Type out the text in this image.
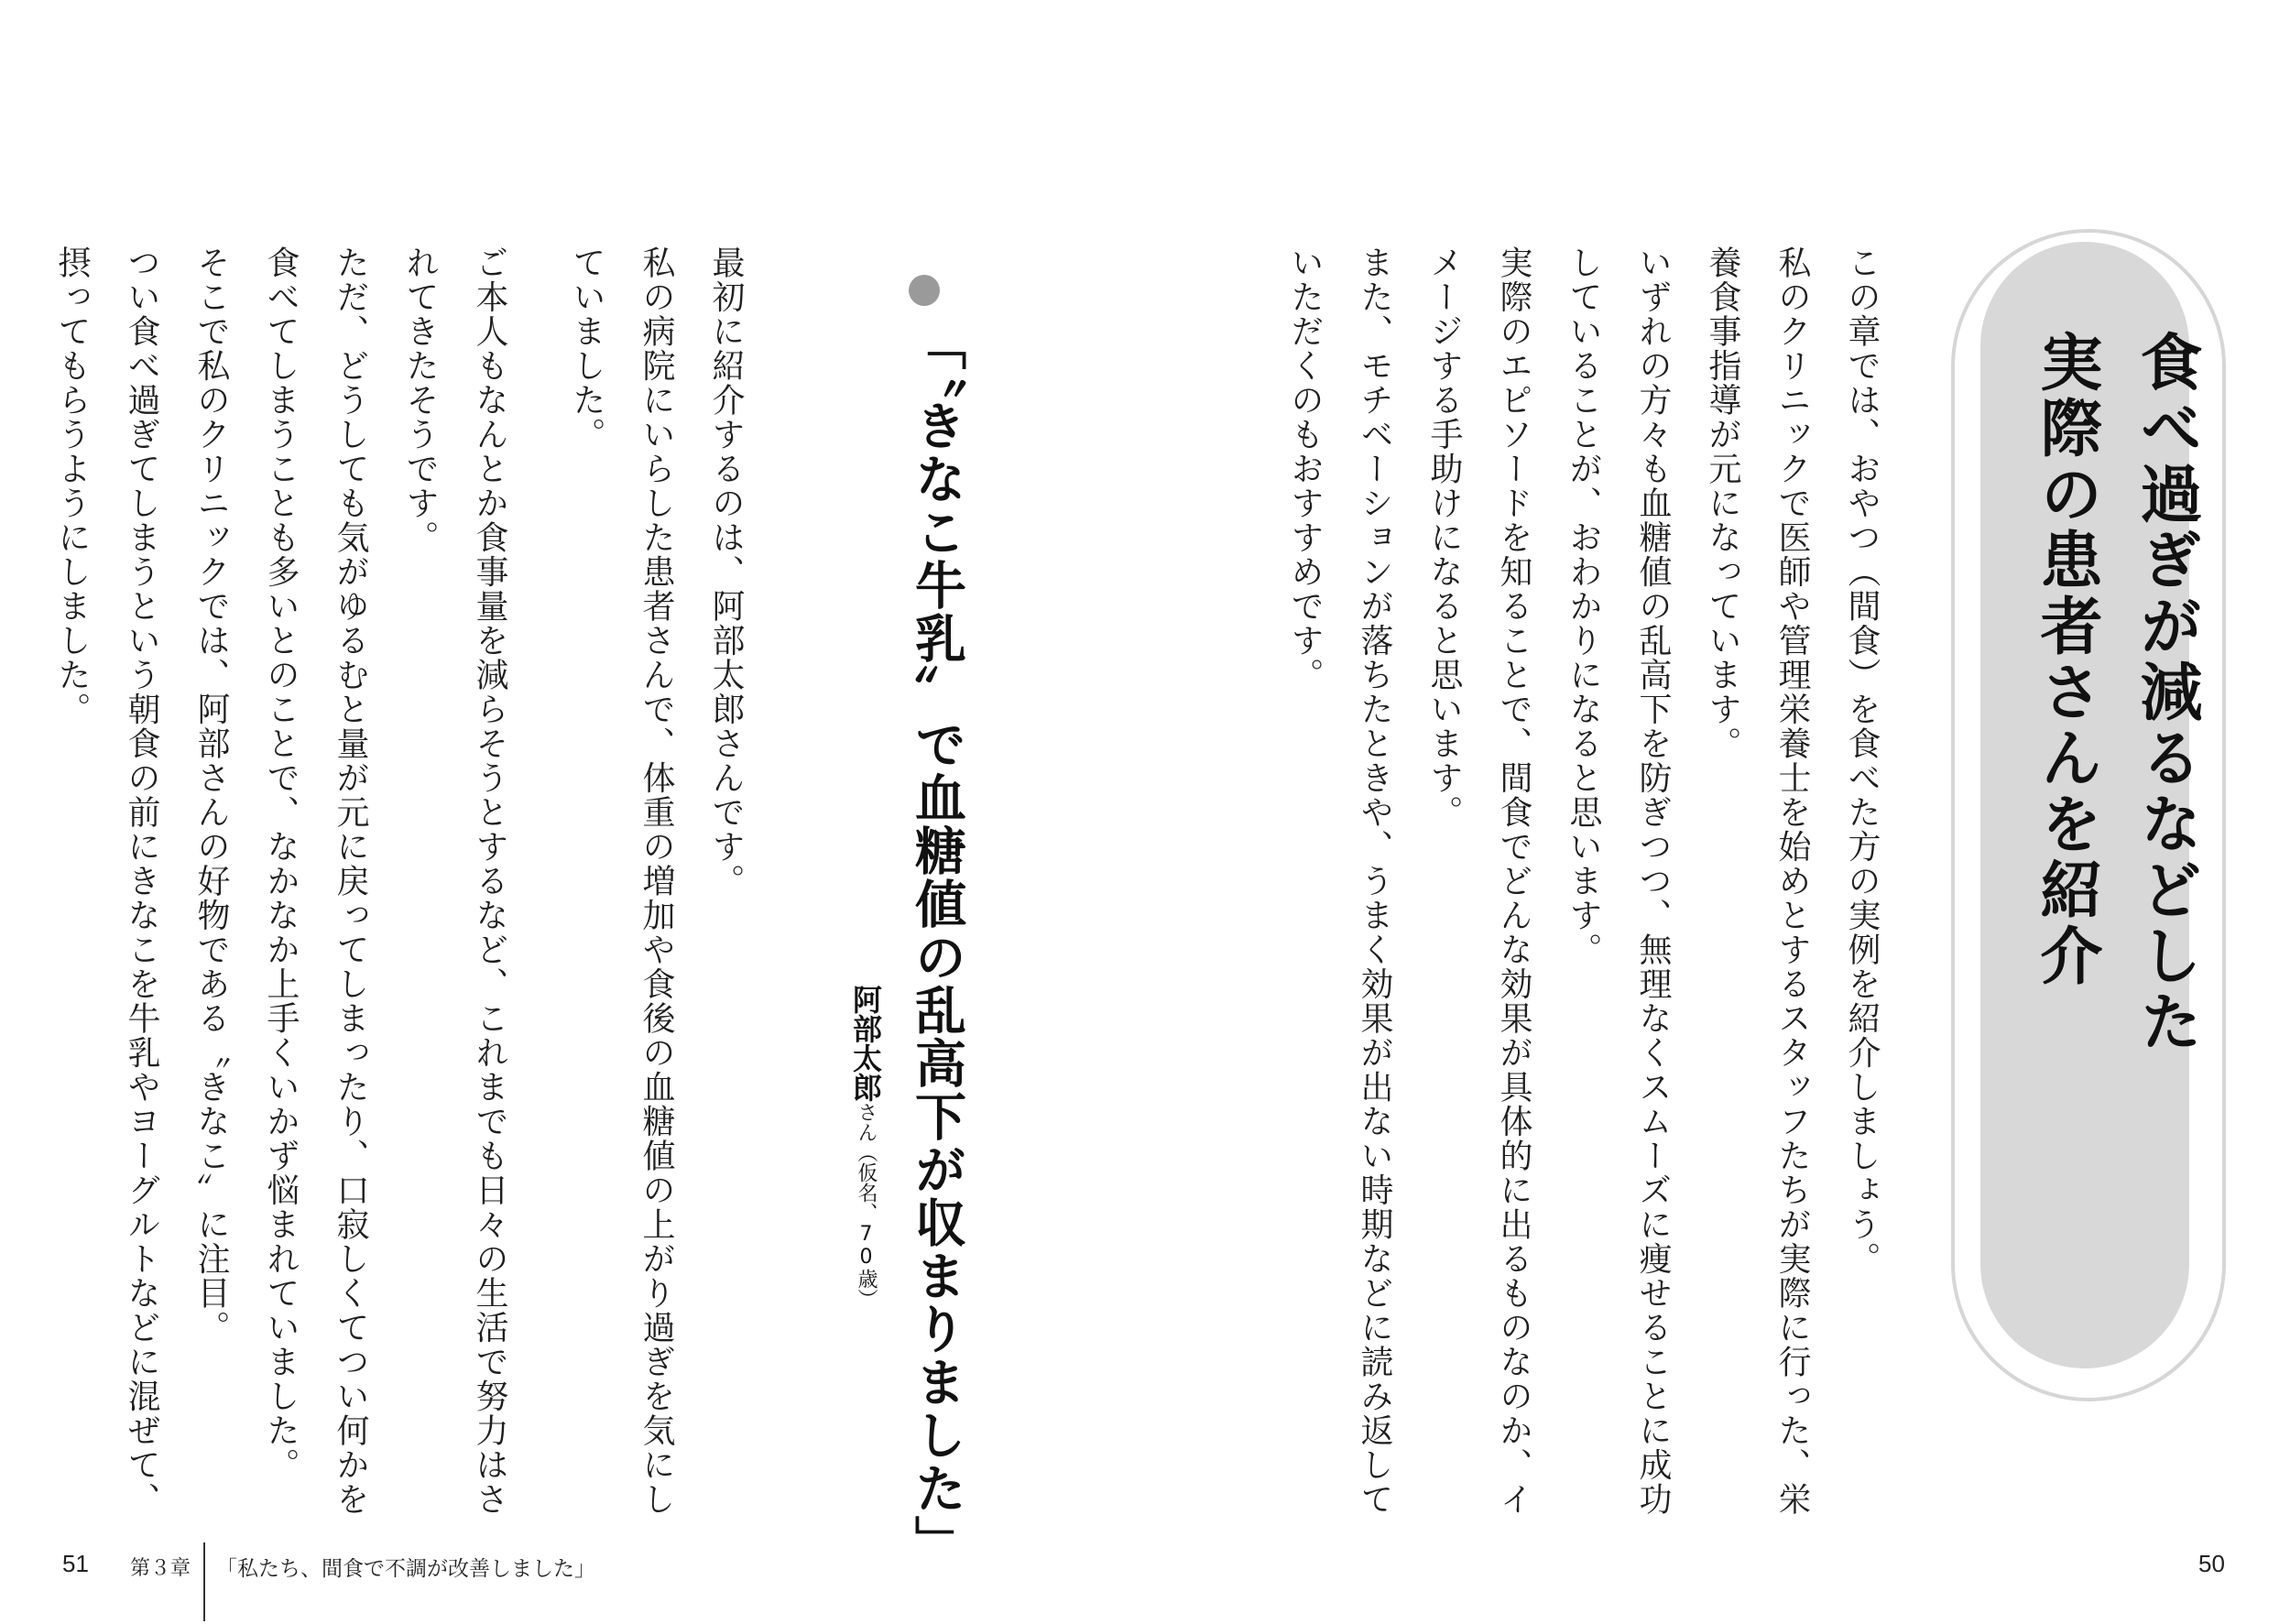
食べ過ぎが減るなどした
実際の患者さんを紹介
この章では、おやつ（間食）を食べた方の実例を紹介しましょう。
私のクリニックで医師や管理栄養士を始めとするスタッフたちが実際に行った、栄
養食事指導が元になっています。
いずれの方々も血糖値の乱高下を防ぎつつ、無理なくスムーズに痩せることに成功
していることが、おわかりになると思います。
実際のエピソードを知ることで、間食でどんな効果が具体的に出るものなのか、イ
メージする手助けになると思います。
また、モチベーションが落ちたときや、うまく効果が出ない時期などに読み返して
いただくのもおすすめです。
「〝きなこ牛乳〟で血糖値の乱高下が収まりました」
阿部太郎さん（仮名、70歳）
最初に紹介するのは、阿部太郎さんです。
私の病院にいらした患者さんで、体重の増加や食後の血糖値の上がり過ぎを気にし
ていました。
ご本人もなんとか食事量を減らそうとするなど、これまでも日々の生活で努力はさ
れてきたそうです。
ただ、どうしても気がゆるむと量が元に戻ってしまったり、口寂しくてつい何かを
食べてしまうことも多いとのことで、なかなか上手くいかず悩まれていました。
そこで私のクリニックでは、阿部さんの好物である〝きなこ〟に注目。
つい食べ過ぎてしまうという朝食の前にきなこを牛乳やヨーグルトなどに混ぜて、
摂ってもらうようにしました。
51 第３章 「私たち、間食で不調が改善しました」	50
